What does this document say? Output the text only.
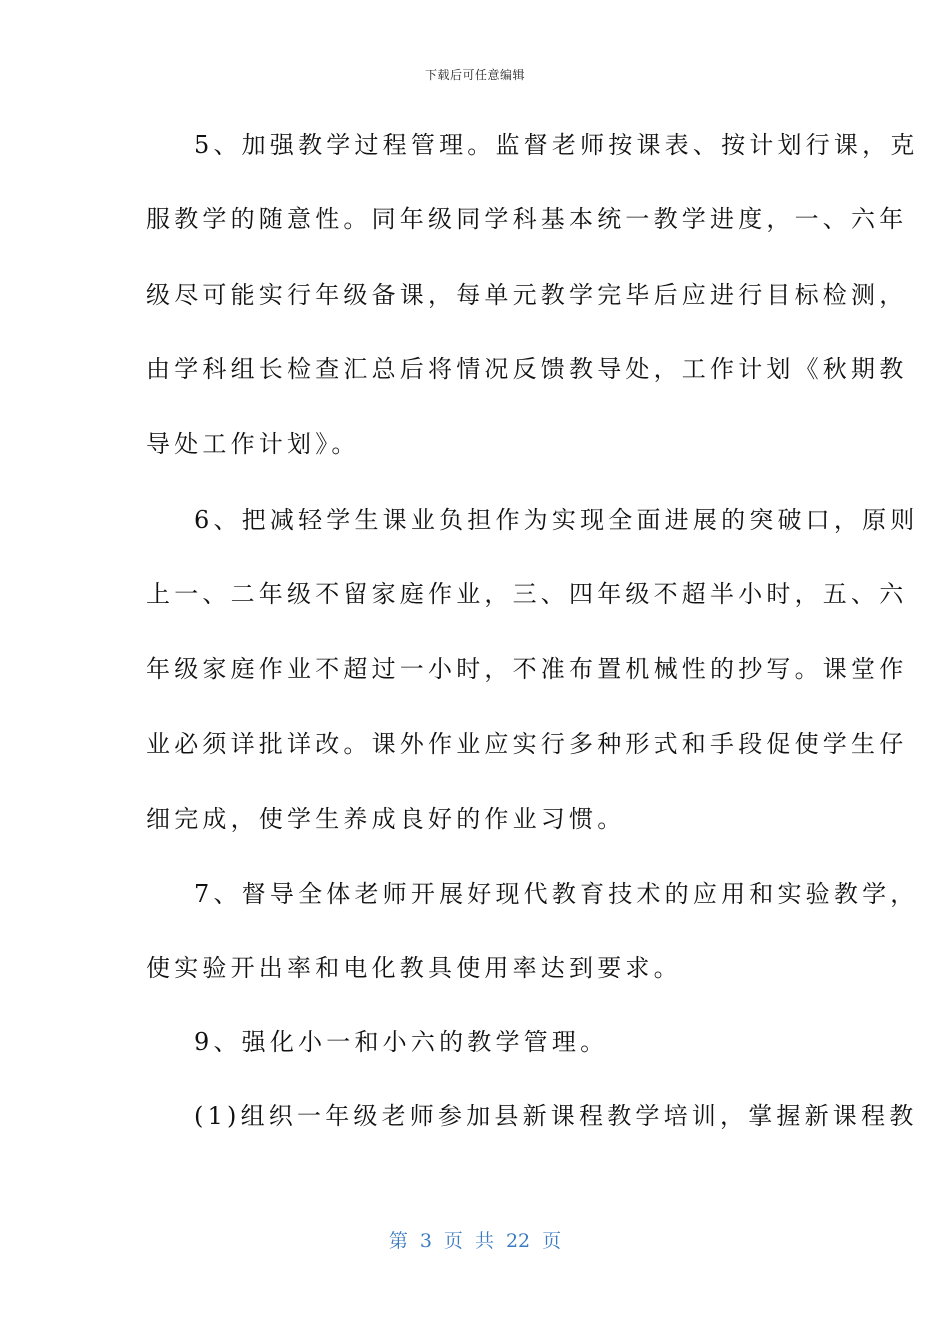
下载后可任意编辑
5、加强教学过程管理。监督老师按课表、按计划行课，克
服教学的随意性。同年级同学科基本统一教学进度，一、六年
级尽可能实行年级备课，每单元教学完毕后应进行目标检测，
由学科组长检查汇总后将情况反馈教导处，工作计划《秋期教
导处工作计划》。
6、把减轻学生课业负担作为实现全面进展的突破口，原则
上一、二年级不留家庭作业，三、四年级不超半小时，五、六
年级家庭作业不超过一小时，不准布置机械性的抄写。课堂作
业必须详批详改。课外作业应实行多种形式和手段促使学生仔
细完成，使学生养成良好的作业习惯。
7、督导全体老师开展好现代教育技术的应用和实验教学，
使实验开出率和电化教具使用率达到要求。
9、强化小一和小六的教学管理。
(1)组织一年级老师参加县新课程教学培训，掌握新课程教
第 3 页 共 22 页
